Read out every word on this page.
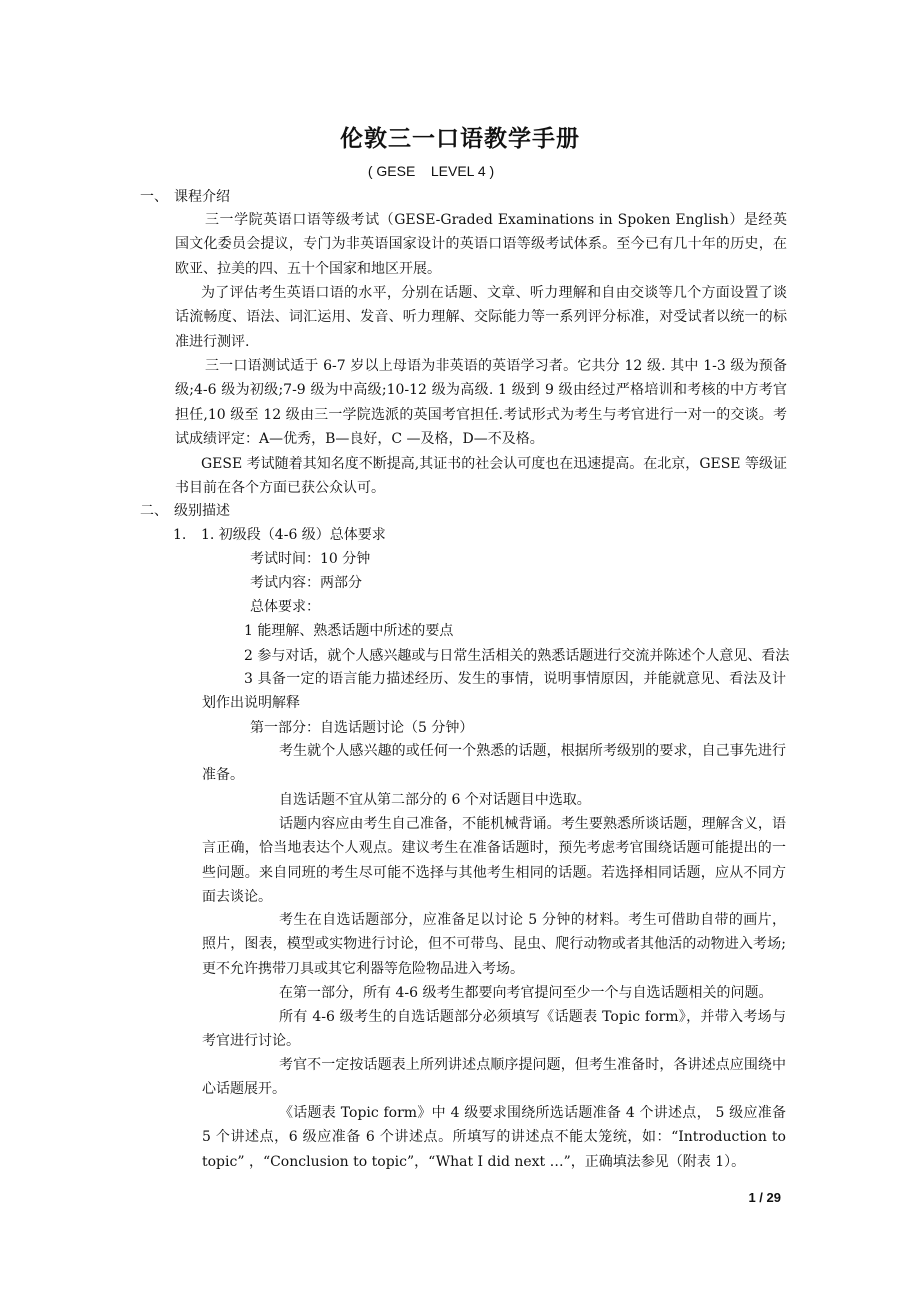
伦敦三一口语教学手册
( GESE    LEVEL 4 )
一、 课程介绍

三一学院英语口语等级考试（GESE-Graded Examinations in Spoken English）是经英国文化委员会提议，专门为非英语国家设计的英语口语等级考试体系。至今已有几十年的历史，在欧亚、拉美的四、五十个国家和地区开展。

为了评估考生英语口语的水平，分别在话题、文章、听力理解和自由交谈等几个方面设置了谈话流畅度、语法、词汇运用、发音、听力理解、交际能力等一系列评分标准，对受试者以统一的标准进行测评.

三一口语测试适于 6-7 岁以上母语为非英语的英语学习者。它共分 12 级. 其中 1-3 级为预备级;4-6 级为初级;7-9 级为中高级;10-12 级为高级. 1 级到 9 级由经过严格培训和考核的中方考官担任,10 级至 12 级由三一学院选派的英国考官担任.考试形式为考生与考官进行一对一的交谈。考试成绩评定：A—优秀，B—良好，C —及格，D—不及格。

GESE 考试随着其知名度不断提高,其证书的社会认可度也在迅速提高。在北京，GESE 等级证书目前在各个方面已获公众认可。

二、 级别描述
1. 1. 初级段（4-6 级）总体要求
考试时间：10 分钟
考试内容：两部分
总体要求：
1 能理解、熟悉话题中所述的要点
2 参与对话，就个人感兴趣或与日常生活相关的熟悉话题进行交流并陈述个人意见、看法

3 具备一定的语言能力描述经历、发生的事情，说明事情原因，并能就意见、看法及计划作出说明解释

第一部分：自选话题讨论（5 分钟）

考生就个人感兴趣的或任何一个熟悉的话题，根据所考级别的要求，自己事先进行准备。

自选话题不宜从第二部分的 6 个对话题目中选取。

话题内容应由考生自己准备，不能机械背诵。考生要熟悉所谈话题，理解含义，语言正确，恰当地表达个人观点。建议考生在准备话题时，预先考虑考官围绕话题可能提出的一些问题。来自同班的考生尽可能不选择与其他考生相同的话题。若选择相同话题，应从不同方面去谈论。

考生在自选话题部分，应准备足以讨论 5 分钟的材料。考生可借助自带的画片，照片，图表，模型或实物进行讨论，但不可带鸟、昆虫、爬行动物或者其他活的动物进入考场; 更不允许携带刀具或其它利器等危险物品进入考场。

在第一部分，所有 4-6 级考生都要向考官提问至少一个与自选话题相关的问题。

所有 4-6 级考生的自选话题部分必须填写《话题表 Topic form》，并带入考场与考官进行讨论。

考官不一定按话题表上所列讲述点顺序提问题，但考生准备时，各讲述点应围绕中心话题展开。

《话题表 Topic form》中 4 级要求围绕所选话题准备 4 个讲述点， 5 级应准备 5 个讲述点，6 级应准备 6 个讲述点。所填写的讲述点不能太笼统，如：“Introduction to topic” ，“Conclusion to topic”，“What I did next …”，正确填法参见（附表 1）。

1 / 29
